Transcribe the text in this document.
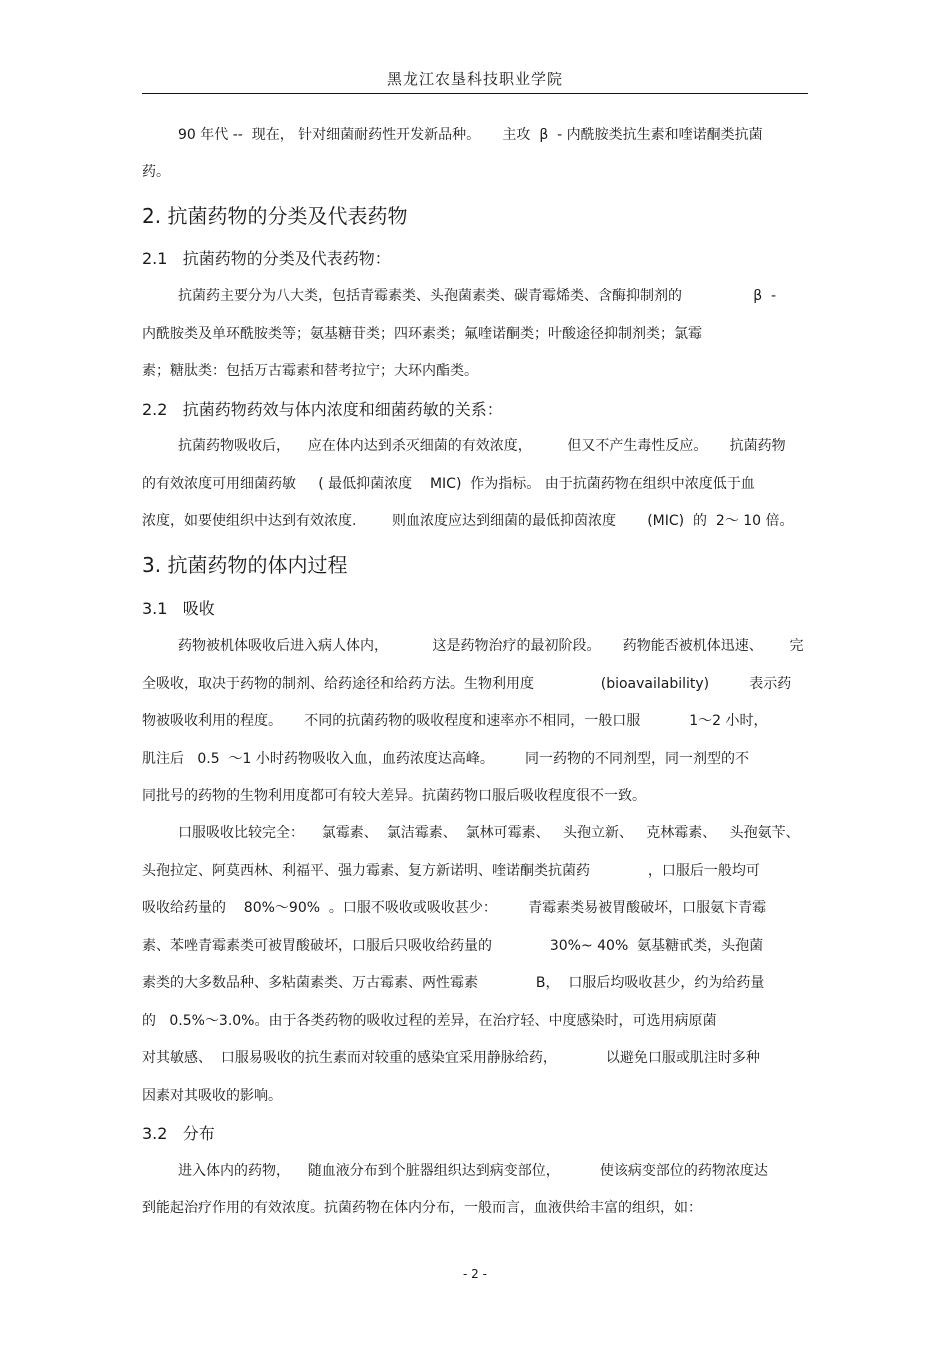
黑龙江农垦科技职业学院
90 年代 --  现在， 针对细菌耐药性开发新品种。     主攻  β  - 内酰胺类抗生素和喹诺酮类抗菌
药。
2. 抗菌药物的分类及代表药物
2.1   抗菌药物的分类及代表药物：
抗菌药主要分为八大类，包括青霉素类、头孢菌素类、碳青霉烯类、含酶抑制剂的                β  -
内酰胺类及单环酰胺类等；氨基糖苷类；四环素类；氟喹诺酮类；叶酸途径抑制剂类；氯霉
素；糖肽类：包括万古霉素和替考拉宁；大环内酯类。
2.2   抗菌药物药效与体内浓度和细菌药敏的关系：
抗菌药物吸收后，    应在体内达到杀灭细菌的有效浓度，        但又不产生毒性反应。     抗菌药物
的有效浓度可用细菌药敏     ( 最低抑菌浓度    MIC)  作为指标。 由于抗菌药物在组织中浓度低于血
浓度，如要使组织中达到有效浓度.        则血浓度应达到细菌的最低抑茵浓度       (MIC)  的  2～ 10 倍。
3. 抗菌药物的体内过程
3.1   吸收
药物被机体吸收后进入病人体内，          这是药物治疗的最初阶段。     药物能否被机体迅速、      完
全吸收，取决于药物的制剂、给药途径和给药方法。生物利用度               (bioavailability)         表示药
物被吸收利用的程度。     不同的抗菌药物的吸收程度和速率亦不相同，一般口服           1～2 小时，
肌注后   0.5  ～1 小时药物吸收入血，血药浓度达高峰。       同一药物的不同剂型，同一剂型的不
同批号的药物的生物利用度都可有较大差异。抗菌药物口服后吸收程度很不一致。
口服吸收比较完全：    氯霉素、  氯洁霉素、  氯林可霉素、   头孢立新、   克林霉素、   头孢氨苄、
头孢拉定、阿莫西林、利福平、强力霉素、复方新诺明、喹诺酮类抗菌药             ，口服后一般均可
吸收给药量的    80%～90%  。口服不吸收或吸收甚少：       青霉素类易被胃酸破坏，口服氨卞青霉
素、苯唑青霉素类可被胃酸破坏，口服后只吸收给药量的             30%~ 40%  氨基糖甙类，头孢菌
素类的大多数品种、多粘菌素类、万古霉素、两性霉素             B，  口服后均吸收甚少，约为给药量
的   0.5%～3.0%。由于各类药物的吸收过程的差异，在治疗轻、中度感染时，可选用病原菌
对其敏感、  口服易吸收的抗生素而对较重的感染宜采用静脉给药，           以避免口服或肌注时多种
因素对其吸收的影响。
3.2   分布
进入体内的药物，    随血液分布到个脏器组织达到病变部位，         使该病变部位的药物浓度达
到能起治疗作用的有效浓度。抗菌药物在体内分布，一般而言，血液供给丰富的组织，如：
- 2 -
